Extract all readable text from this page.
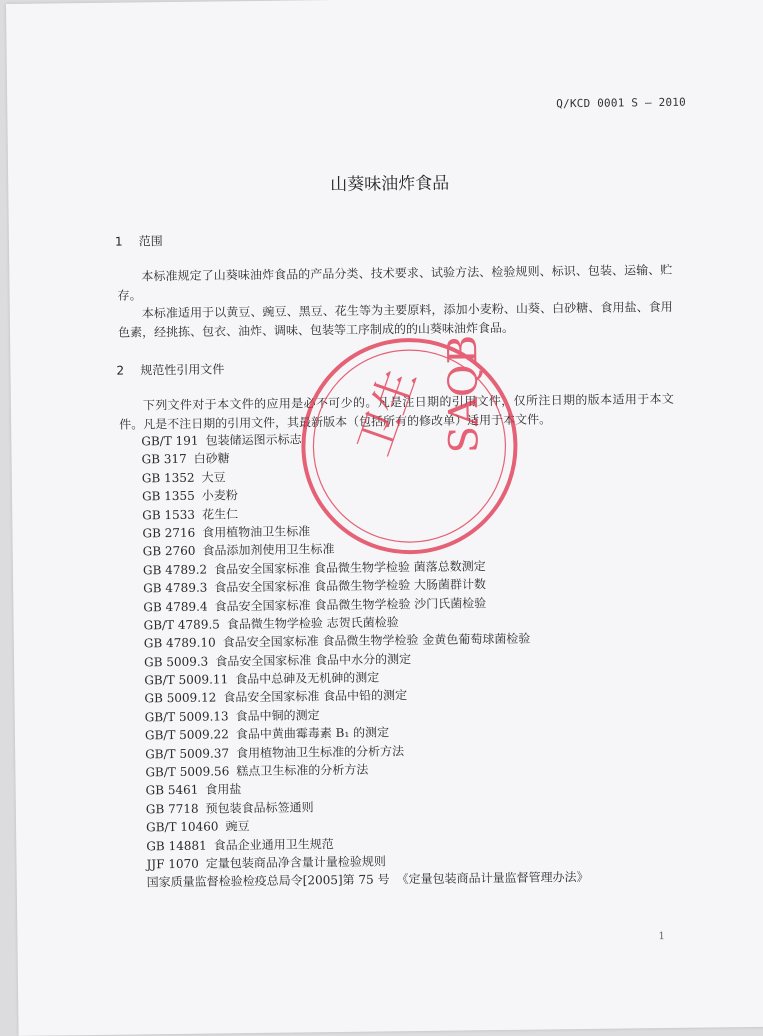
Q/KCD 0001 S — 2010
山葵味油炸食品
1 范围
本标准规定了山葵味油炸食品的产品分类、技术要求、试验方法、检验规则、标识、包装、运输、贮存。
本标准适用于以黄豆、豌豆、黑豆、花生等为主要原料，添加小麦粉、山葵、白砂糖、食用盐、食用色素，经挑拣、包衣、油炸、调味、包装等工序制成的的山葵味油炸食品。
2 规范性引用文件
下列文件对于本文件的应用是必不可少的。凡是注日期的引用文件，仅所注日期的版本适用于本文件。凡是不注日期的引用文件，其最新版本（包括所有的修改单）适用于本文件。
GB/T 191 包装储运图示标志
GB 317 白砂糖
GB 1352 大豆
GB 1355 小麦粉
GB 1533 花生仁
GB 2716 食用植物油卫生标准
GB 2760 食品添加剂使用卫生标准
GB 4789.2 食品安全国家标准 食品微生物学检验 菌落总数测定
GB 4789.3 食品安全国家标准 食品微生物学检验 大肠菌群计数
GB 4789.4 食品安全国家标准 食品微生物学检验 沙门氏菌检验
GB/T 4789.5 食品微生物学检验 志贺氏菌检验
GB 4789.10 食品安全国家标准 食品微生物学检验 金黄色葡萄球菌检验
GB 5009.3 食品安全国家标准 食品中水分的测定
GB/T 5009.11 食品中总砷及无机砷的测定
GB 5009.12 食品安全国家标准 食品中铅的测定
GB/T 5009.13 食品中铜的测定
GB/T 5009.22 食品中黄曲霉毒素 B₁ 的测定
GB/T 5009.37 食用植物油卫生标准的分析方法
GB/T 5009.56 糕点卫生标准的分析方法
GB 5461 食用盐
GB 7718 预包装食品标签通则
GB/T 10460 豌豆
GB 14881 食品企业通用卫生规范
JJF 1070 定量包装商品净含量计量检验规则
国家质量监督检验检疫总局令[2005]第 75 号 《定量包装商品计量监督管理办法》
卫生 SAQB
1
